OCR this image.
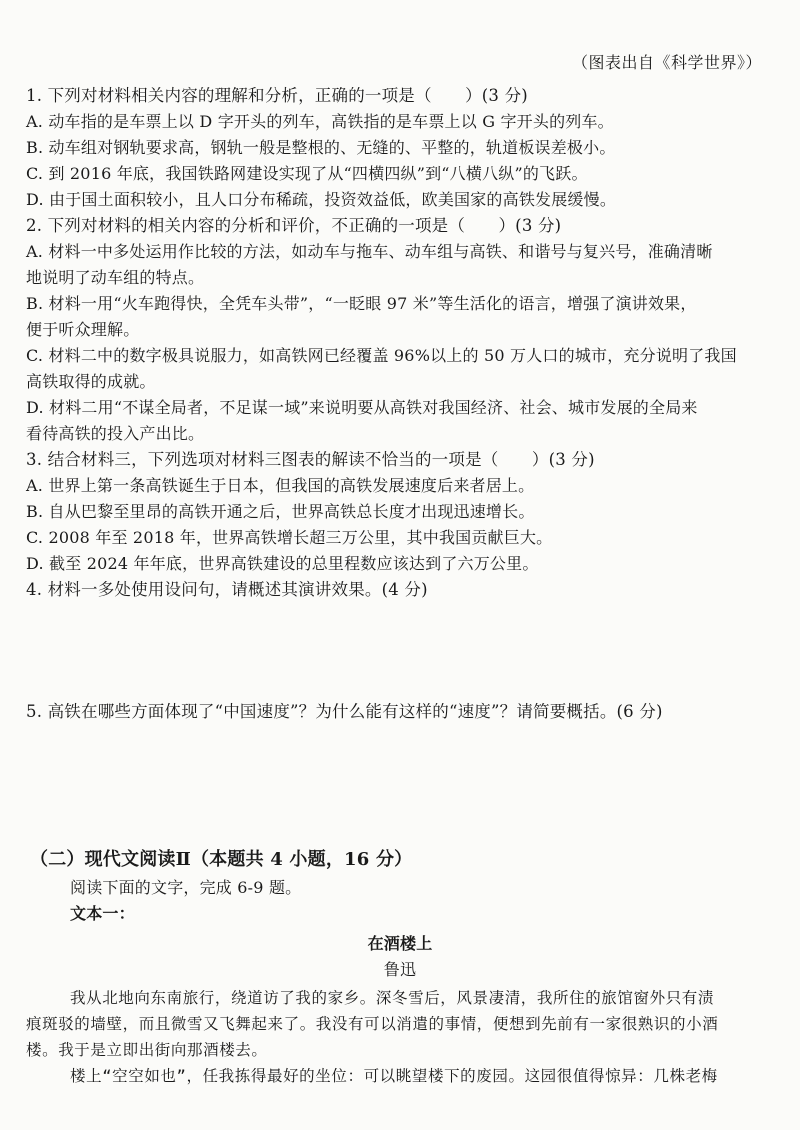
（图表出自《科学世界》）
1. 下列对材料相关内容的理解和分析，正确的一项是（　　）(3 分)
A. 动车指的是车票上以 D 字开头的列车，高铁指的是车票上以 G 字开头的列车。
B. 动车组对钢轨要求高，钢轨一般是整根的、无缝的、平整的，轨道板误差极小。
C. 到 2016 年底，我国铁路网建设实现了从“四横四纵”到“八横八纵”的飞跃。
D. 由于国土面积较小，且人口分布稀疏，投资效益低，欧美国家的高铁发展缓慢。
2. 下列对材料的相关内容的分析和评价，不正确的一项是（　　）(3 分)
A. 材料一中多处运用作比较的方法，如动车与拖车、动车组与高铁、和谐号与复兴号，准确清晰
地说明了动车组的特点。
B. 材料一用“火车跑得快，全凭车头带”，“一眨眼 97 米”等生活化的语言，增强了演讲效果，
便于听众理解。
C. 材料二中的数字极具说服力，如高铁网已经覆盖 96%以上的 50 万人口的城市，充分说明了我国
高铁取得的成就。
D. 材料二用“不谋全局者，不足谋一域”来说明要从高铁对我国经济、社会、城市发展的全局来
看待高铁的投入产出比。
3. 结合材料三，下列选项对材料三图表的解读不恰当的一项是（　　）(3 分)
A. 世界上第一条高铁诞生于日本，但我国的高铁发展速度后来者居上。
B. 自从巴黎至里昂的高铁开通之后，世界高铁总长度才出现迅速增长。
C. 2008 年至 2018 年，世界高铁增长超三万公里，其中我国贡献巨大。
D. 截至 2024 年年底，世界高铁建设的总里程数应该达到了六万公里。
4. 材料一多处使用设问句，请概述其演讲效果。(4 分)
5. 高铁在哪些方面体现了“中国速度”？为什么能有这样的“速度”？请简要概括。(6 分)
（二）现代文阅读Ⅱ（本题共 4 小题，16 分）
阅读下面的文字，完成 6-9 题。
文本一：
在酒楼上
鲁迅
我从北地向东南旅行，绕道访了我的家乡。深冬雪后，风景凄清，我所住的旅馆窗外只有渍
痕斑驳的墙壁，而且微雪又飞舞起来了。我没有可以消遣的事情，便想到先前有一家很熟识的小酒
楼。我于是立即出街向那酒楼去。
楼上“空空如也”，任我拣得最好的坐位：可以眺望楼下的废园。这园很值得惊异：几株老梅
